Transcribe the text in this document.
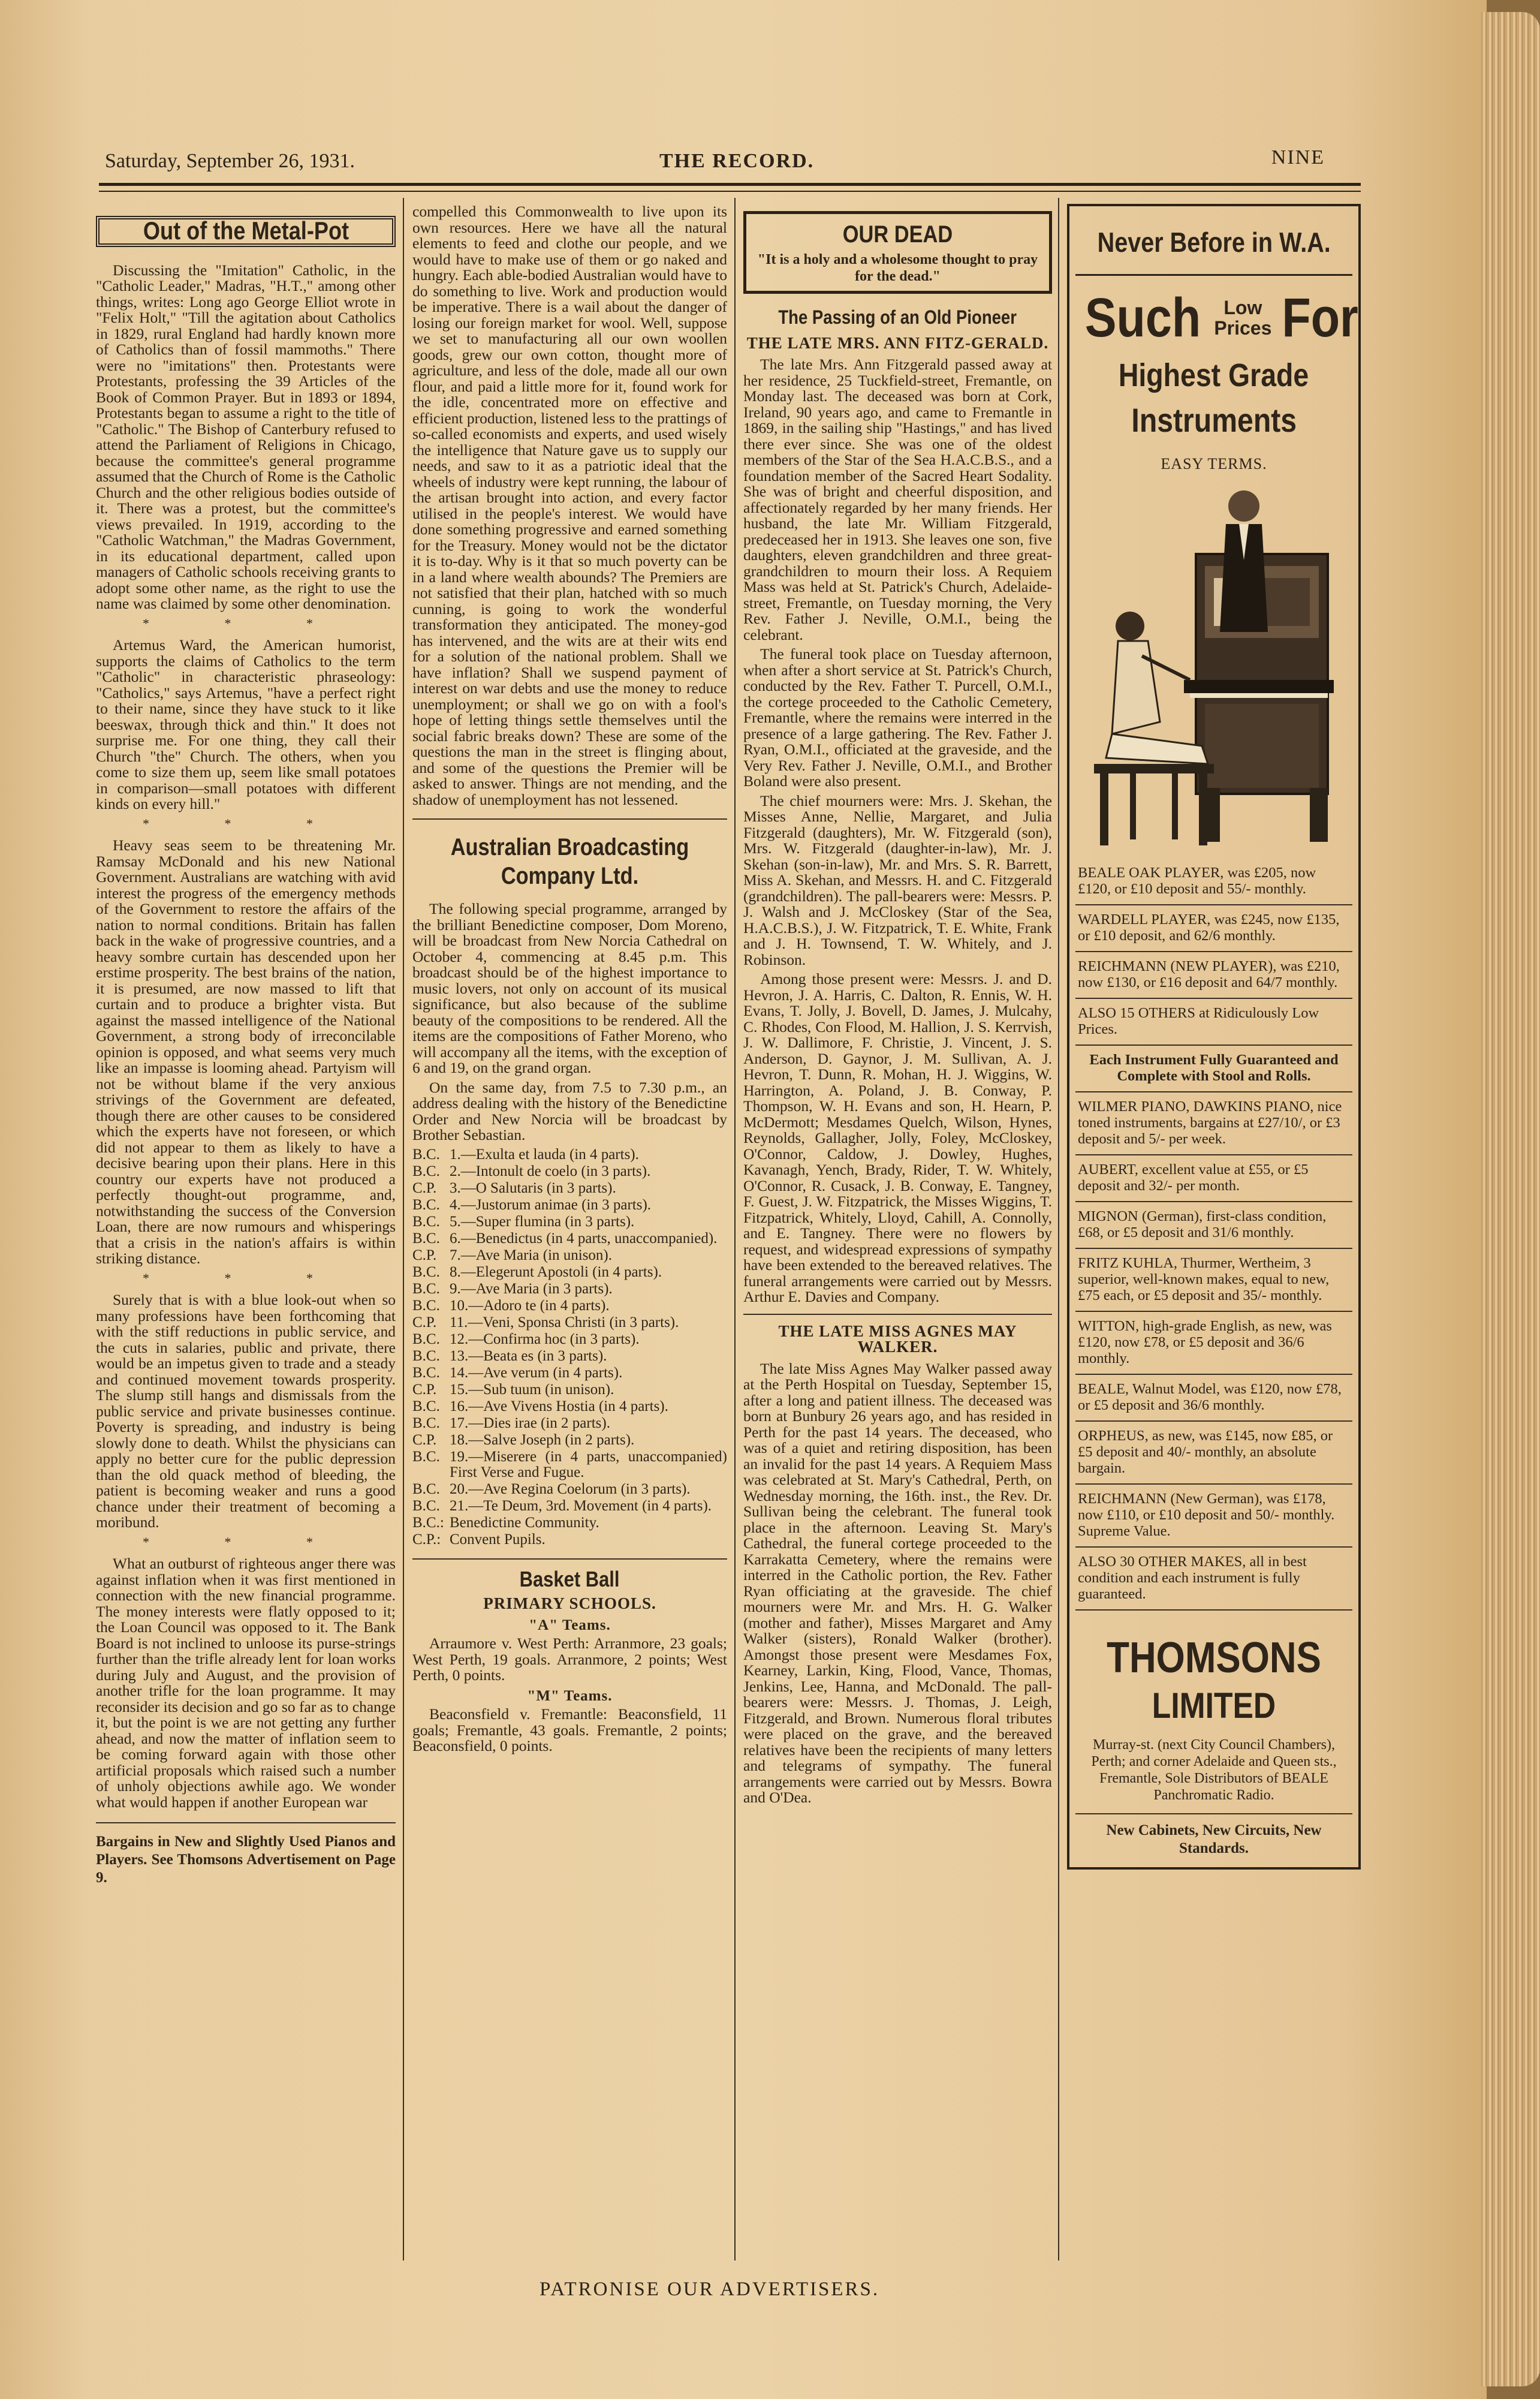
Saturday, September 26, 1931.	THE RECORD.	NINE
Out of the Metal-Pot

Discussing the "Imitation" Catholic, in the "Catholic Leader," Madras, "H.T.," among other things, writes: Long ago George Elliot wrote in "Felix Holt," "Till the agitation about Catholics in 1829, rural England had hardly known more of Catholics than of fossil mammoths." There were no "imitations" then. Protestants were Protestants, professing the 39 Articles of the Book of Common Prayer. But in 1893 or 1894, Protestants began to assume a right to the title of "Catholic." The Bishop of Canterbury refused to attend the Parliament of Religions in Chicago, because the committee's general programme assumed that the Church of Rome is the Catholic Church and the other religious bodies outside of it. There was a protest, but the committee's views prevailed. In 1919, according to the "Catholic Watchman," the Madras Government, in its educational department, called upon managers of Catholic schools receiving grants to adopt some other name, as the right to use the name was claimed by some other denomination.

* * *

Artemus Ward, the American humorist, supports the claims of Catholics to the term "Catholic" in characteristic phraseology: "Catholics," says Artemus, "have a perfect right to their name, since they have stuck to it like beeswax, through thick and thin." It does not surprise me. For one thing, they call their Church "the" Church. The others, when you come to size them up, seem like small potatoes in comparison—small potatoes with different kinds on every hill."

* * *

Heavy seas seem to be threatening Mr. Ramsay McDonald and his new National Government. Australians are watching with avid interest the progress of the emergency methods of the Government to restore the affairs of the nation to normal conditions. Britain has fallen back in the wake of progressive countries, and a heavy sombre curtain has descended upon her erstime prosperity. The best brains of the nation, it is presumed, are now massed to lift that curtain and to produce a brighter vista. But against the massed intelligence of the National Government, a strong body of irreconcilable opinion is opposed, and what seems very much like an impasse is looming ahead. Partyism will not be without blame if the very anxious strivings of the Government are defeated, though there are other causes to be considered which the experts have not foreseen, or which did not appear to them as likely to have a decisive bearing upon their plans. Here in this country our experts have not produced a perfectly thought-out programme, and, notwithstanding the success of the Conversion Loan, there are now rumours and whisperings that a crisis in the nation's affairs is within striking distance.

* * *

Surely that is with a blue look-out when so many professions have been forthcoming that with the stiff reductions in public service, and the cuts in salaries, public and private, there would be an impetus given to trade and a steady and continued movement towards prosperity. The slump still hangs and dismissals from the public service and private businesses continue. Poverty is spreading, and industry is being slowly done to death. Whilst the physicians can apply no better cure for the public depression than the old quack method of bleeding, the patient is becoming weaker and runs a good chance under their treatment of becoming a moribund.

* * *

What an outburst of righteous anger there was against inflation when it was first mentioned in connection with the new financial programme. The money interests were flatly opposed to it; the Loan Council was opposed to it. The Bank Board is not inclined to unloose its purse-strings further than the trifle already lent for loan works during July and August, and the provision of another trifle for the loan programme. It may reconsider its decision and go so far as to change it, but the point is we are not getting any further ahead, and now the matter of inflation seem to be coming forward again with those other artificial proposals which raised such a number of unholy objections awhile ago. We wonder what would happen if another European war

Bargains in New and Slightly Used Pianos and Players. See Thomsons Advertisement on Page 9.

compelled this Commonwealth to live upon its own resources. Here we have all the natural elements to feed and clothe our people, and we would have to make use of them or go naked and hungry. Each able-bodied Australian would have to do something to live. Work and production would be imperative. There is a wail about the danger of losing our foreign market for wool. Well, suppose we set to manufacturing all our own woollen goods, grew our own cotton, thought more of agriculture, and less of the dole, made all our own flour, and paid a little more for it, found work for the idle, concentrated more on effective and efficient production, listened less to the prattings of so-called economists and experts, and used wisely the intelligence that Nature gave us to supply our needs, and saw to it as a patriotic ideal that the wheels of industry were kept running, the labour of the artisan brought into action, and every factor utilised in the people's interest. We would have done something progressive and earned something for the Treasury. Money would not be the dictator it is to-day. Why is it that so much poverty can be in a land where wealth abounds? The Premiers are not satisfied that their plan, hatched with so much cunning, is going to work the wonderful transformation they anticipated. The money-god has intervened, and the wits are at their wits end for a solution of the national problem. Shall we have inflation? Shall we suspend payment of interest on war debts and use the money to reduce unemployment; or shall we go on with a fool's hope of letting things settle themselves until the social fabric breaks down? These are some of the questions the man in the street is flinging about, and some of the questions the Premier will be asked to answer. Things are not mending, and the shadow of unemployment has not lessened.

Australian Broadcasting Company Ltd.

The following special programme, arranged by the brilliant Benedictine composer, Dom Moreno, will be broadcast from New Norcia Cathedral on October 4, commencing at 8.45 p.m. This broadcast should be of the highest importance to music lovers, not only on account of its musical significance, but also because of the sublime beauty of the compositions to be rendered. All the items are the compositions of Father Moreno, who will accompany all the items, with the exception of 6 and 19, on the grand organ.

On the same day, from 7.5 to 7.30 p.m., an address dealing with the history of the Benedictine Order and New Norcia will be broadcast by Brother Sebastian.

B.C. 1.—Exulta et lauda (in 4 parts).
B.C. 2.—Intonult de coelo (in 3 parts).
C.P. 3.—O Salutaris (in 3 parts).
B.C. 4.—Justorum animae (in 3 parts).
B.C. 5.—Super flumina (in 3 parts).
B.C. 6.—Benedictus (in 4 parts, unaccompanied).
C.P. 7.—Ave Maria (in unison).
B.C. 8.—Elegerunt Apostoli (in 4 parts).
B.C. 9.—Ave Maria (in 3 parts).
B.C. 10.—Adoro te (in 4 parts).
C.P. 11.—Veni, Sponsa Christi (in 3 parts).
B.C. 12.—Confirma hoc (in 3 parts).
B.C. 13.—Beata es (in 3 parts).
B.C. 14.—Ave verum (in 4 parts).
C.P. 15.—Sub tuum (in unison).
B.C. 16.—Ave Vivens Hostia (in 4 parts).
B.C. 17.—Dies irae (in 2 parts).
C.P. 18.—Salve Joseph (in 2 parts).
B.C. 19.—Miserere (in 4 parts, unaccompanied) First Verse and Fugue.
B.C. 20.—Ave Regina Coelorum (in 3 parts).
B.C. 21.—Te Deum, 3rd. Movement (in 4 parts).
B.C.: Benedictine Community.
C.P.: Convent Pupils.
Basket Ball
PRIMARY SCHOOLS.
"A" Teams.

Arraumore v. West Perth: Arranmore, 23 goals; West Perth, 19 goals. Arranmore, 2 points; West Perth, 0 points.

"M" Teams.

Beaconsfield v. Fremantle: Beaconsfield, 11 goals; Fremantle, 43 goals. Fremantle, 2 points; Beaconsfield, 0 points.

OUR DEAD
"It is a holy and a wholesome thought to pray for the dead."
The Passing of an Old Pioneer
THE LATE MRS. ANN FITZ-GERALD.

The late Mrs. Ann Fitzgerald passed away at her residence, 25 Tuckfield-street, Fremantle, on Monday last. The deceased was born at Cork, Ireland, 90 years ago, and came to Fremantle in 1869, in the sailing ship "Hastings," and has lived there ever since. She was one of the oldest members of the Star of the Sea H.A.C.B.S., and a foundation member of the Sacred Heart Sodality. She was of bright and cheerful disposition, and affectionately regarded by her many friends. Her husband, the late Mr. William Fitzgerald, predeceased her in 1913. She leaves one son, five daughters, eleven grandchildren and three great-grandchildren to mourn their loss. A Requiem Mass was held at St. Patrick's Church, Adelaide-street, Fremantle, on Tuesday morning, the Very Rev. Father J. Neville, O.M.I., being the celebrant.

The funeral took place on Tuesday afternoon, when after a short service at St. Patrick's Church, conducted by the Rev. Father T. Purcell, O.M.I., the cortege proceeded to the Catholic Cemetery, Fremantle, where the remains were interred in the presence of a large gathering. The Rev. Father J. Ryan, O.M.I., officiated at the graveside, and the Very Rev. Father J. Neville, O.M.I., and Brother Boland were also present.

The chief mourners were: Mrs. J. Skehan, the Misses Anne, Nellie, Margaret, and Julia Fitzgerald (daughters), Mr. W. Fitzgerald (son), Mrs. W. Fitzgerald (daughter-in-law), Mr. J. Skehan (son-in-law), Mr. and Mrs. S. R. Barrett, Miss A. Skehan, and Messrs. H. and C. Fitzgerald (grandchildren). The pall-bearers were: Messrs. P. J. Walsh and J. McCloskey (Star of the Sea, H.A.C.B.S.), J. W. Fitzpatrick, T. E. White, Frank and J. H. Townsend, T. W. Whitely, and J. Robinson.

Among those present were: Messrs. J. and D. Hevron, J. A. Harris, C. Dalton, R. Ennis, W. H. Evans, T. Jolly, J. Bovell, D. James, J. Mulcahy, C. Rhodes, Con Flood, M. Hallion, J. S. Kerrvish, J. W. Dallimore, F. Christie, J. Vincent, J. S. Anderson, D. Gaynor, J. M. Sullivan, A. J. Hevron, T. Dunn, R. Mohan, H. J. Wiggins, W. Harrington, A. Poland, J. B. Conway, P. Thompson, W. H. Evans and son, H. Hearn, P. McDermott; Mesdames Quelch, Wilson, Hynes, Reynolds, Gallagher, Jolly, Foley, McCloskey, O'Connor, Caldow, J. Dowley, Hughes, Kavanagh, Yench, Brady, Rider, T. W. Whitely, O'Connor, R. Cusack, J. B. Conway, E. Tangney, F. Guest, J. W. Fitzpatrick, the Misses Wiggins, T. Fitzpatrick, Whitely, Lloyd, Cahill, A. Connolly, and E. Tangney. There were no flowers by request, and widespread expressions of sympathy have been extended to the bereaved relatives. The funeral arrangements were carried out by Messrs. Arthur E. Davies and Company.

THE LATE MISS AGNES MAY WALKER.

The late Miss Agnes May Walker passed away at the Perth Hospital on Tuesday, September 15, after a long and patient illness. The deceased was born at Bunbury 26 years ago, and has resided in Perth for the past 14 years. The deceased, who was of a quiet and retiring disposition, has been an invalid for the past 14 years. A Requiem Mass was celebrated at St. Mary's Cathedral, Perth, on Wednesday morning, the 16th. inst., the Rev. Dr. Sullivan being the celebrant. The funeral took place in the afternoon. Leaving St. Mary's Cathedral, the funeral cortege proceeded to the Karrakatta Cemetery, where the remains were interred in the Catholic portion, the Rev. Father Ryan officiating at the graveside. The chief mourners were Mr. and Mrs. H. G. Walker (mother and father), Misses Margaret and Amy Walker (sisters), Ronald Walker (brother). Amongst those present were Mesdames Fox, Kearney, Larkin, King, Flood, Vance, Thomas, Jenkins, Lee, Hanna, and McDonald. The pall-bearers were: Messrs. J. Thomas, J. Leigh, Fitzgerald, and Brown. Numerous floral tributes were placed on the grave, and the bereaved relatives have been the recipients of many letters and telegrams of sympathy. The funeral arrangements were carried out by Messrs. Bowra and O'Dea.

Never Before in W.A.
Such	Low
Prices For
Highest Grade
Instruments
EASY TERMS.
BEALE OAK PLAYER, was £205, now £120, or £10 deposit and 55/- monthly.
WARDELL PLAYER, was £245, now £135, or £10 deposit, and 62/6 monthly.
REICHMANN (NEW PLAYER), was £210, now £130, or £16 deposit and 64/7 monthly.
ALSO 15 OTHERS at Ridiculously Low Prices.
Each Instrument Fully Guaranteed and Complete with Stool and Rolls.
WILMER PIANO, DAWKINS PIANO, nice toned instruments, bargains at £27/10/, or £3 deposit and 5/- per week.
AUBERT, excellent value at £55, or £5 deposit and 32/- per month.
MIGNON (German), first-class condition, £68, or £5 deposit and 31/6 monthly.
FRITZ KUHLA, Thurmer, Wertheim, 3 superior, well-known makes, equal to new, £75 each, or £5 deposit and 35/- monthly.
WITTON, high-grade English, as new, was £120, now £78, or £5 deposit and 36/6 monthly.
BEALE, Walnut Model, was £120, now £78, or £5 deposit and 36/6 monthly.
ORPHEUS, as new, was £145, now £85, or £5 deposit and 40/- monthly, an absolute bargain.
REICHMANN (New German), was £178, now £110, or £10 deposit and 50/- monthly. Supreme Value.
ALSO 30 OTHER MAKES, all in best condition and each instrument is fully guaranteed.
THOMSONS
LIMITED
Murray-st. (next City Council Chambers), Perth; and corner Adelaide and Queen sts., Fremantle, Sole Distributors of BEALE Panchromatic Radio.
New Cabinets, New Circuits, New Standards.
PATRONISE OUR ADVERTISERS.
